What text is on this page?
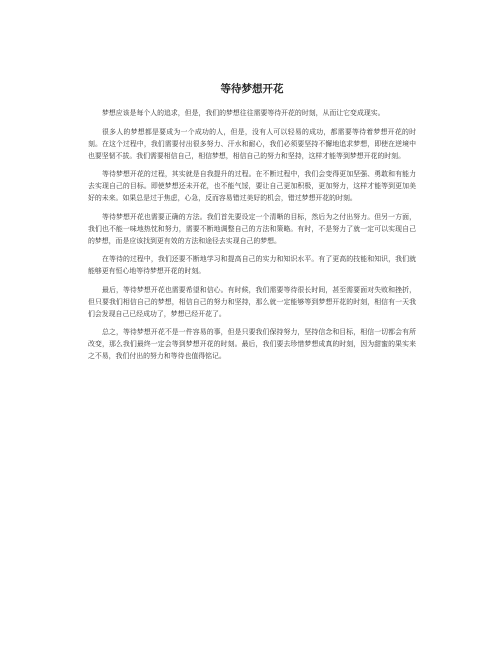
等待梦想开花

梦想应该是每个人的追求，但是，我们的梦想往往需要等待开花的时刻，从而让它变成现实。

很多人的梦想都是要成为一个成功的人，但是，没有人可以轻易的成功，都需要等待着梦想开花的时刻。在这个过程中，我们需要付出很多努力、汗水和耐心，我们必须要坚持不懈地追求梦想，即使在逆境中也要坚韧不拔。我们需要相信自己，相信梦想，相信自己的努力和坚持，这样才能等到梦想开花的时刻。

等待梦想开花的过程，其实就是自我提升的过程。在不断过程中，我们会变得更加坚强、勇敢和有能力去实现自己的目标。即使梦想还未开花，也不能气馁，要让自己更加积极，更加努力，这样才能等到更加美好的未来。如果总是过于焦虑，心急，反而容易错过美好的机会，错过梦想开花的时刻。

等待梦想开花也需要正确的方法。我们首先要设定一个清晰的目标，然后为之付出努力。但另一方面，我们也不能一味地热忱和努力，需要不断地调整自己的方法和策略。有时，不是努力了就一定可以实现自己的梦想，而是应该找到更有效的方法和途径去实现自己的梦想。

在等待的过程中，我们还要不断地学习和提高自己的实力和知识水平。有了更高的技能和知识，我们就能够更有恒心地等待梦想开花的时刻。

最后，等待梦想开花也需要希望和信心。有时候，我们需要等待很长时间，甚至需要面对失败和挫折，但只要我们相信自己的梦想，相信自己的努力和坚持，那么就一定能够等到梦想开花的时刻，相信有一天我们会发现自己已经成功了，梦想已经开花了。

总之，等待梦想开花不是一件容易的事，但是只要我们保持努力，坚持信念和目标，相信一切都会有所改变，那么我们最终一定会等到梦想开花的时刻。最后，我们要去珍惜梦想成真的时刻，因为甜蜜的果实来之不易，我们付出的努力和等待也值得铭记。
